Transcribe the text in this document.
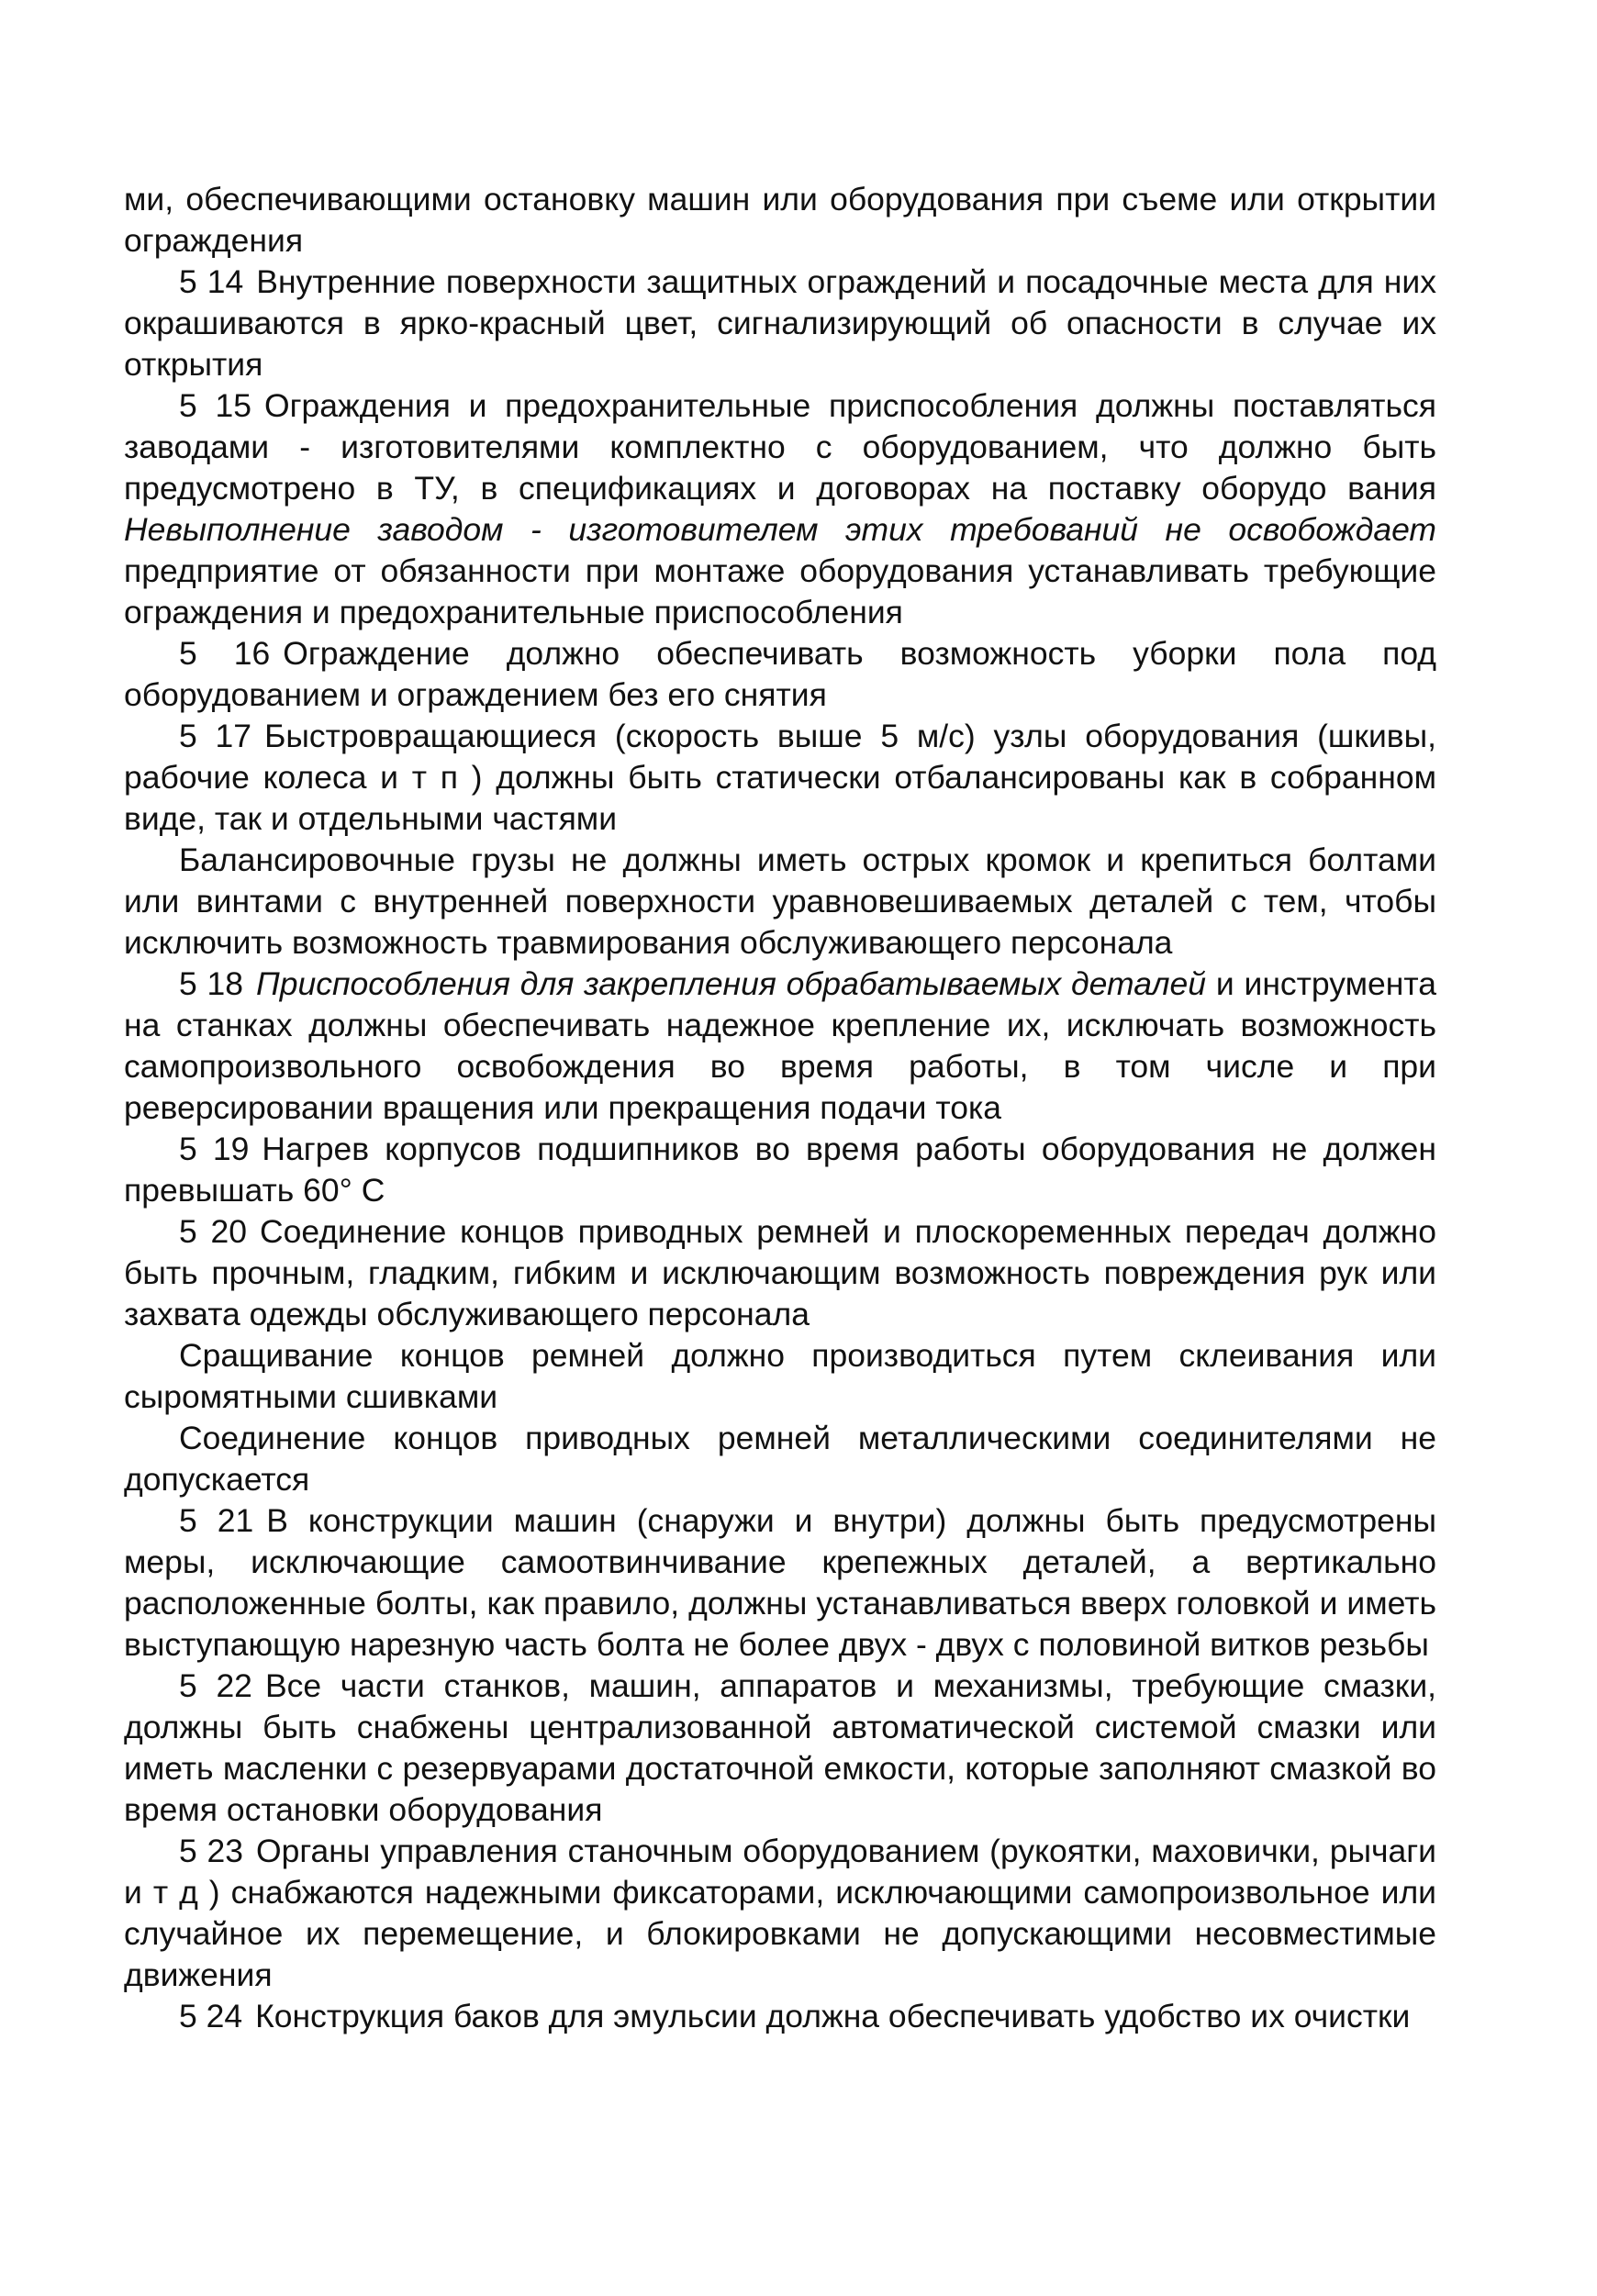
ми, обеспечивающими остановку машин или оборудования при съеме или открытии ограждения

5 14 Внутренние поверхности защитных ограждений и посадочные места для них окрашиваются в ярко-красный цвет, сигнализирующий об опасности в случае их открытия

5 15 Ограждения и предохранительные приспособления должны поставляться заводами - изготовителями комплектно с оборудованием, что должно быть предусмотрено в ТУ, в спецификациях и договорах на поставку оборудо вания Невыполнение заводом - изготовителем этих требований не освобождает предприятие от обязанности при монтаже оборудования устанавливать требующие ограждения и предохранительные приспособления

5 16 Ограждение должно обеспечивать возможность уборки пола под оборудованием и ограждением без его снятия

5 17 Быстровращающиеся (скорость выше 5 м/с) узлы оборудования (шкивы, рабочие колеса и т п ) должны быть статически отбалансированы как в собранном виде, так и отдельными частями

Балансировочные грузы не должны иметь острых кромок и крепиться болтами или винтами с внутренней поверхности уравновешиваемых деталей с тем, чтобы исключить возможность травмирования обслуживающего персонала

5 18 Приспособления для закрепления обрабатываемых деталей и инструмента на станках должны обеспечивать надежное крепление их, исключать возможность самопроизвольного освобождения во время работы, в том числе и при реверсировании вращения или прекращения подачи тока

5 19 Нагрев корпусов подшипников во время работы оборудования не должен превышать 60° С

5 20 Соединение концов приводных ремней и плоскоременных передач должно быть прочным, гладким, гибким и исключающим возможность повреждения рук или захвата одежды обслуживающего персонала

Сращивание концов ремней должно производиться путем склеивания или сыромятными сшивками

Соединение концов приводных ремней металлическими соединителями не допускается

5 21 В конструкции машин (снаружи и внутри) должны быть предусмотрены меры, исключающие самоотвинчивание крепежных деталей, а вертикально расположенные болты, как правило, должны устанавливаться вверх головкой и иметь выступающую нарезную часть болта не более двух - двух с половиной витков резьбы

5 22 Все части станков, машин, аппаратов и механизмы, требующие смазки, должны быть снабжены централизованной автоматической системой смазки или иметь масленки с резервуарами достаточной емкости, которые заполняют смазкой во время остановки оборудования

5 23 Органы управления станочным оборудованием (рукоятки, маховички, рычаги и т д ) снабжаются надежными фиксаторами, исключающими самопроизвольное или случайное их перемещение, и блокировками не допускающими несовместимые движения

5 24 Конструкция баков для эмульсии должна обеспечивать удобство их очистки
